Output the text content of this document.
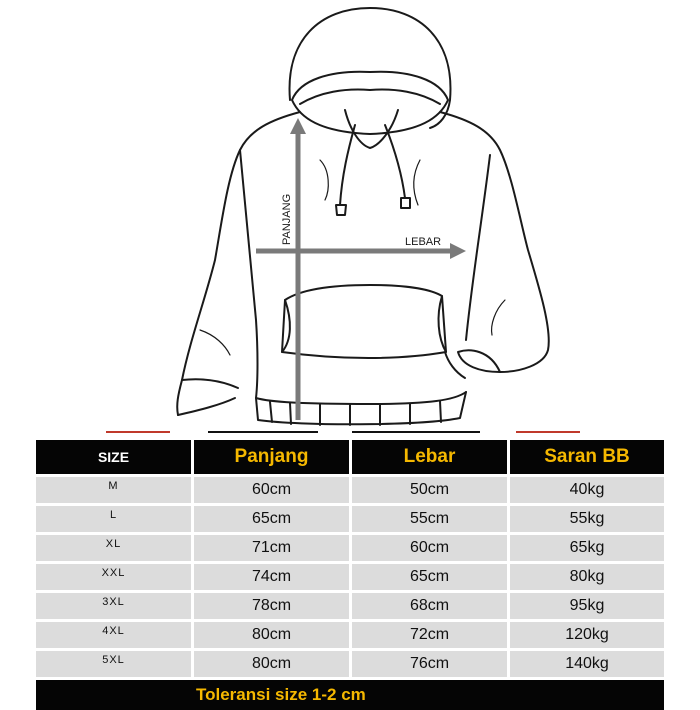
PANJANG	LEBAR
SIZE	Panjang	Lebar	Saran BB
M	60cm	50cm	40kg
L	65cm	55cm	55kg
XL	71cm	60cm	65kg
XXL	74cm	65cm	80kg
3XL	78cm	68cm	95kg
4XL	80cm	72cm	120kg
5XL	80cm	76cm	140kg
Toleransi size 1-2 cm
